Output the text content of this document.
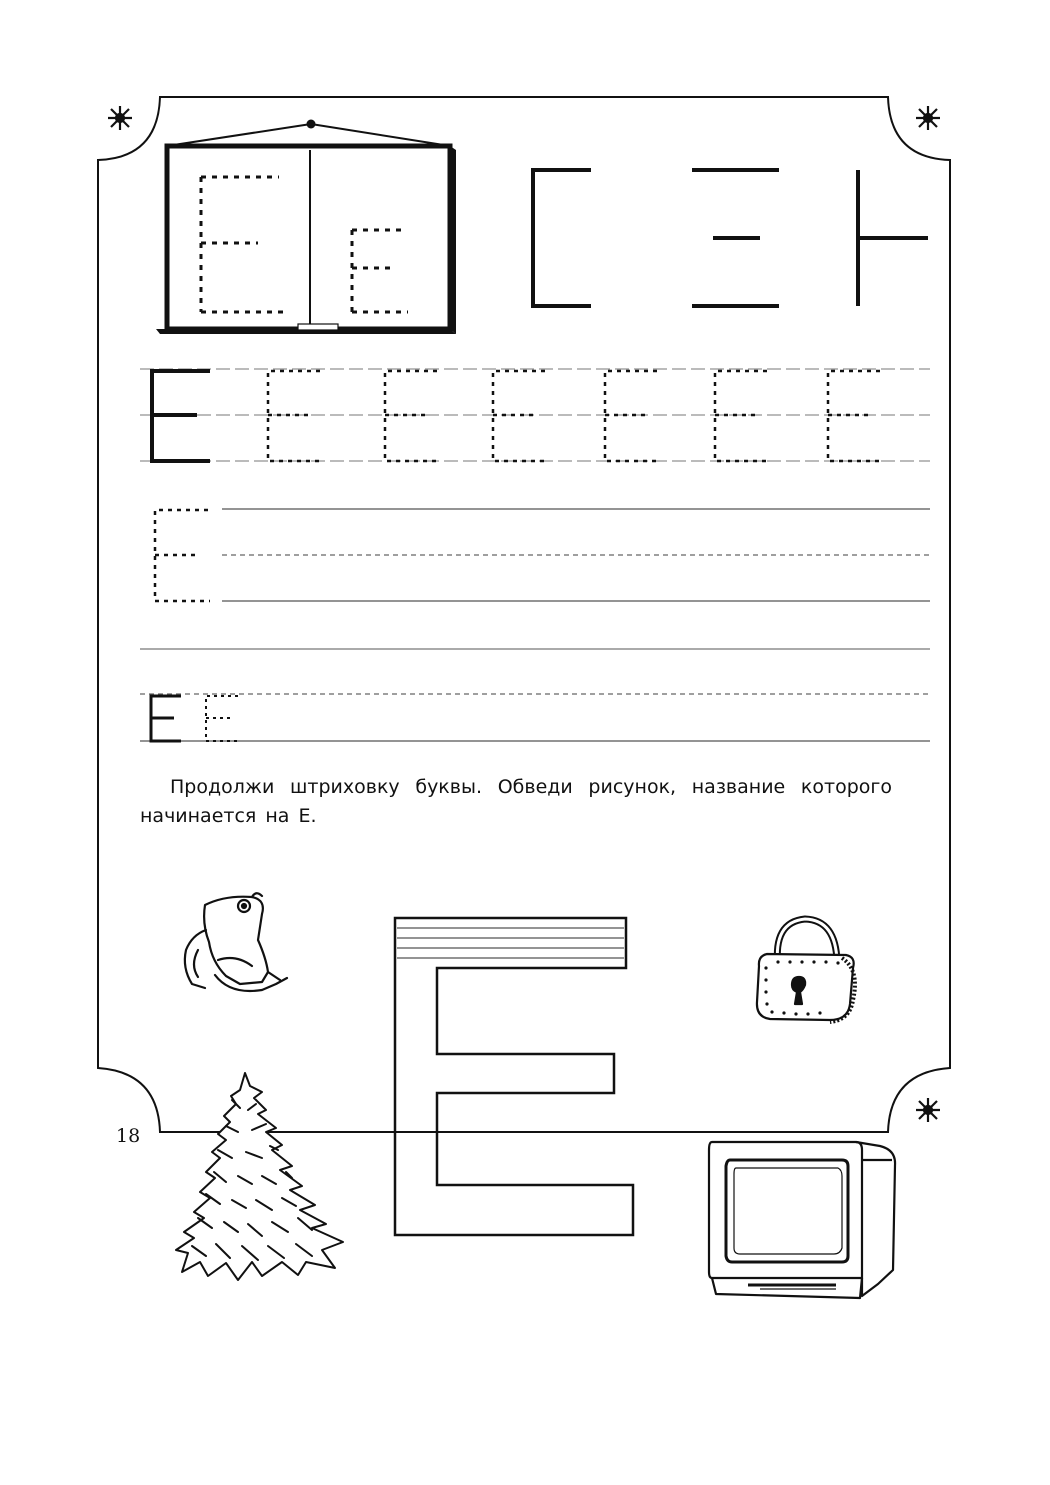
Продолжи штриховку буквы. Обведи рисунок, название которого
начинается на Е.
18
